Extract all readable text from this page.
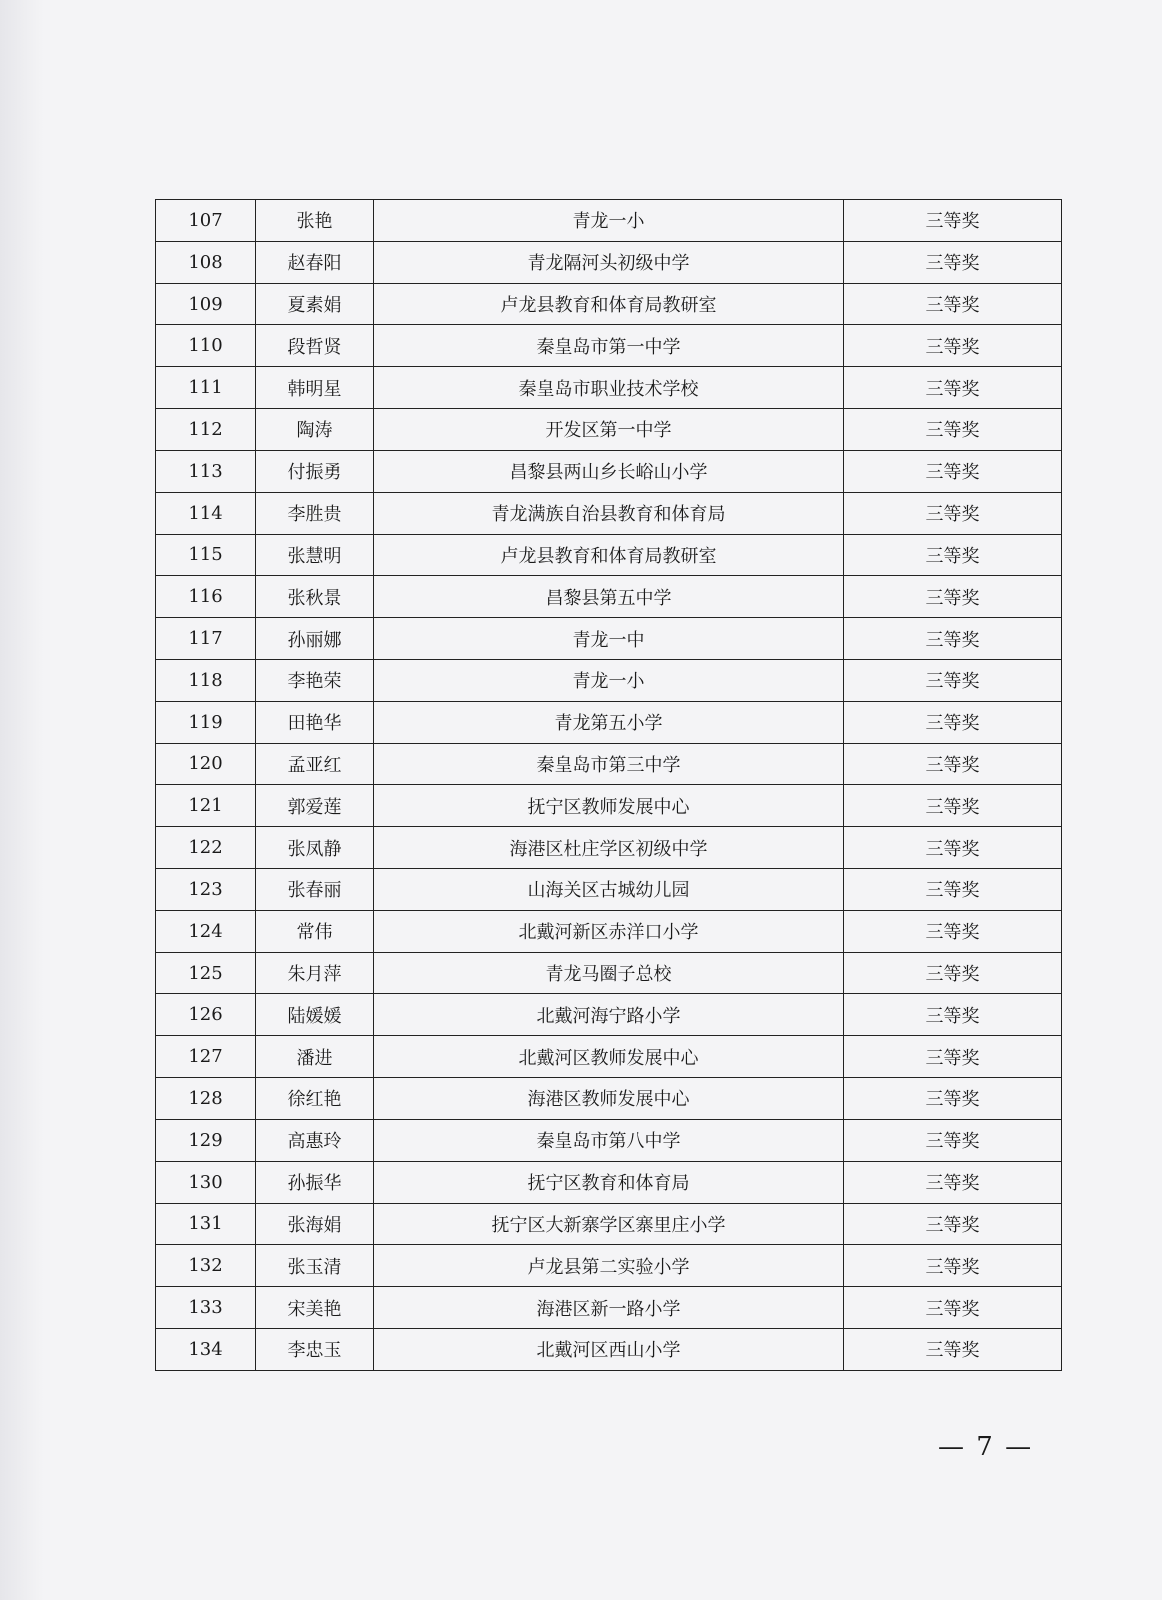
107	张艳	青龙一小	三等奖
108	赵春阳	青龙隔河头初级中学	三等奖
109	夏素娟	卢龙县教育和体育局教研室	三等奖
110	段哲贤	秦皇岛市第一中学	三等奖
111	韩明星	秦皇岛市职业技术学校	三等奖
112	陶涛	开发区第一中学	三等奖
113	付振勇	昌黎县两山乡长峪山小学	三等奖
114	李胜贵	青龙满族自治县教育和体育局	三等奖
115	张慧明	卢龙县教育和体育局教研室	三等奖
116	张秋景	昌黎县第五中学	三等奖
117	孙丽娜	青龙一中	三等奖
118	李艳荣	青龙一小	三等奖
119	田艳华	青龙第五小学	三等奖
120	孟亚红	秦皇岛市第三中学	三等奖
121	郭爱莲	抚宁区教师发展中心	三等奖
122	张凤静	海港区杜庄学区初级中学	三等奖
123	张春丽	山海关区古城幼儿园	三等奖
124	常伟	北戴河新区赤洋口小学	三等奖
125	朱月萍	青龙马圈子总校	三等奖
126	陆媛媛	北戴河海宁路小学	三等奖
127	潘进	北戴河区教师发展中心	三等奖
128	徐红艳	海港区教师发展中心	三等奖
129	高惠玲	秦皇岛市第八中学	三等奖
130	孙振华	抚宁区教育和体育局	三等奖
131	张海娟	抚宁区大新寨学区寨里庄小学	三等奖
132	张玉清	卢龙县第二实验小学	三等奖
133	宋美艳	海港区新一路小学	三等奖
134	李忠玉	北戴河区西山小学	三等奖
— 7 —
